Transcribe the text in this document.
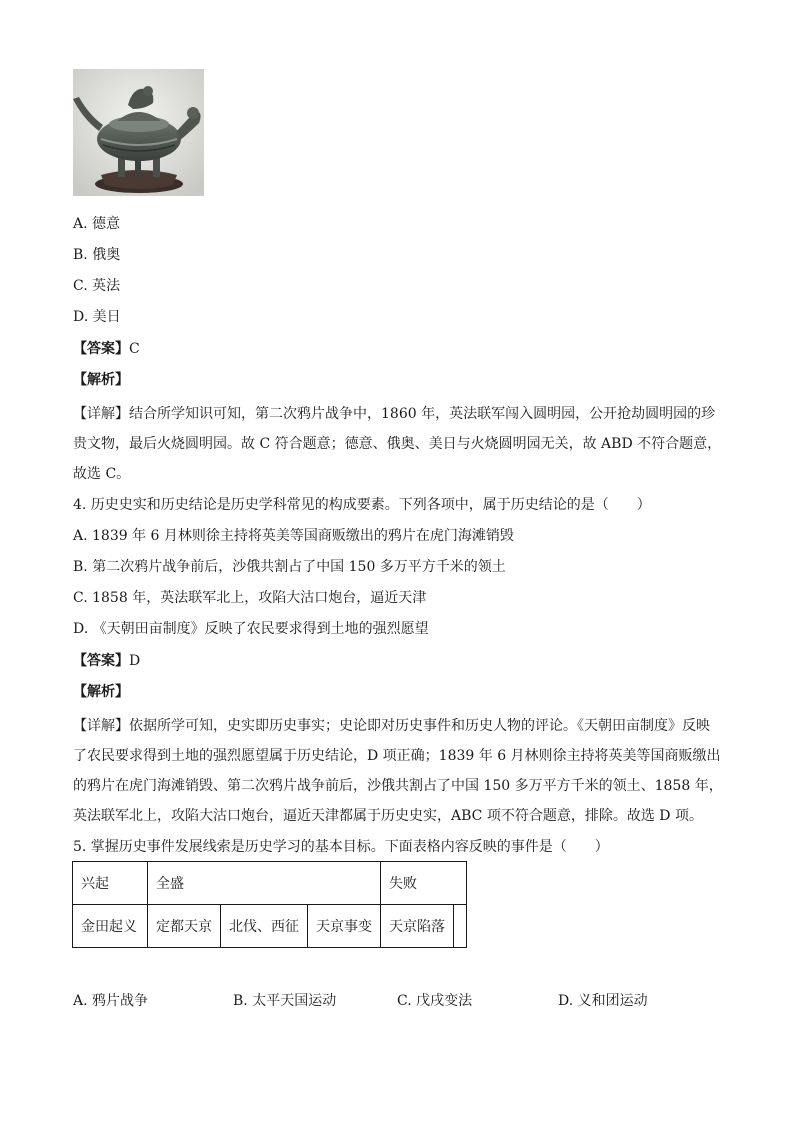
A. 德意
B. 俄奥
C. 英法
D. 美日
【答案】C
【解析】
【详解】结合所学知识可知，第二次鸦片战争中，1860 年，英法联军闯入圆明园，公开抢劫圆明园的珍贵文物，最后火烧圆明园。故 C 符合题意；德意、俄奥、美日与火烧圆明园无关，故 ABD 不符合题意，故选 C。
4. 历史史实和历史结论是历史学科常见的构成要素。下列各项中，属于历史结论的是（　　）
A. 1839 年 6 月林则徐主持将英美等国商贩缴出的鸦片在虎门海滩销毁
B. 第二次鸦片战争前后，沙俄共割占了中国 150 多万平方千米的领土
C. 1858 年，英法联军北上，攻陷大沽口炮台，逼近天津
D. 《天朝田亩制度》反映了农民要求得到土地的强烈愿望
【答案】D
【解析】
【详解】依据所学可知，史实即历史事实；史论即对历史事件和历史人物的评论。《天朝田亩制度》反映了农民要求得到土地的强烈愿望属于历史结论，D 项正确；1839 年 6 月林则徐主持将英美等国商贩缴出的鸦片在虎门海滩销毁、第二次鸦片战争前后，沙俄共割占了中国 150 多万平方千米的领土、1858 年，英法联军北上，攻陷大沽口炮台，逼近天津都属于历史史实，ABC 项不符合题意，排除。故选 D 项。
5. 掌握历史事件发展线索是历史学习的基本目标。下面表格内容反映的事件是（　　）
兴起	全盛			失败	
金田起义	定都天京	北伐、西征	天京事变	天京陷落	
A. 鸦片战争	B. 太平天国运动	C. 戊戌变法	D. 义和团运动
